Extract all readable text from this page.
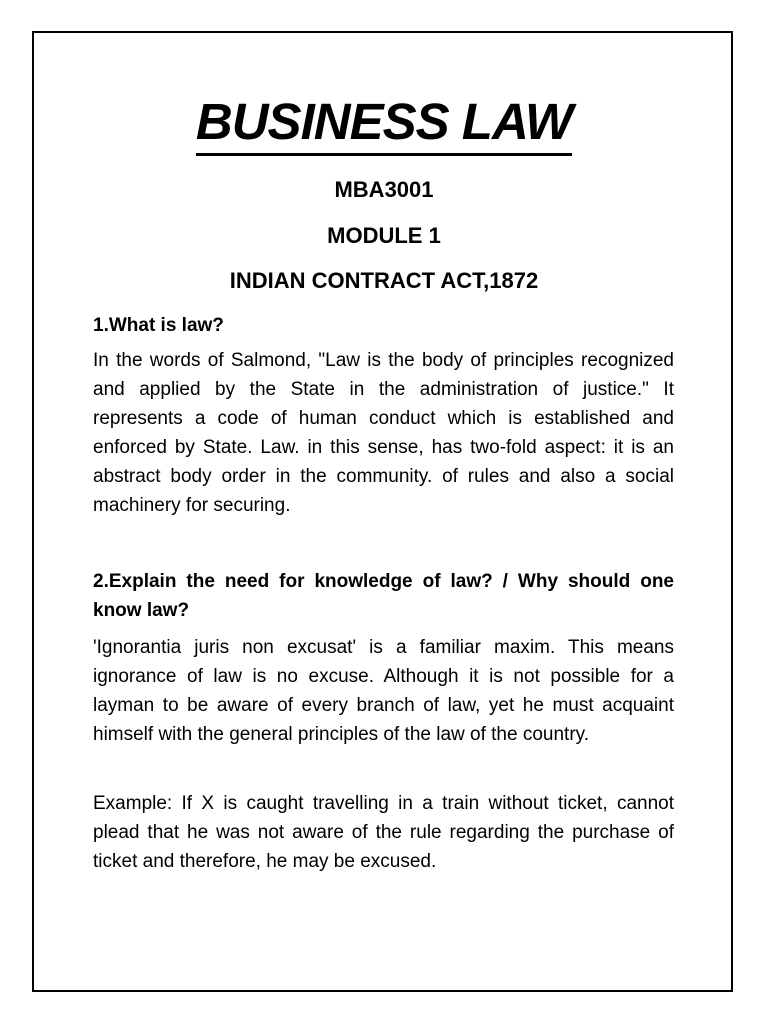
BUSINESS LAW

MBA3001

MODULE 1

INDIAN CONTRACT ACT,1872

1.What is law?

In the words of Salmond, "Law is the body of principles recognized and applied by the State in the administration of justice." It represents a code of human conduct which is established and enforced by State. Law. in this sense, has two-fold aspect: it is an abstract body order in the community. of rules and also a social machinery for securing.

2.Explain the need for knowledge of law? / Why should one know law?

'Ignorantia juris non excusat' is a familiar maxim. This means ignorance of law is no excuse. Although it is not possible for a layman to be aware of every branch of law, yet he must acquaint himself with the general principles of the law of the country.

Example: If X is caught travelling in a train without ticket, cannot plead that he was not aware of the rule regarding the purchase of ticket and therefore, he may be excused.
